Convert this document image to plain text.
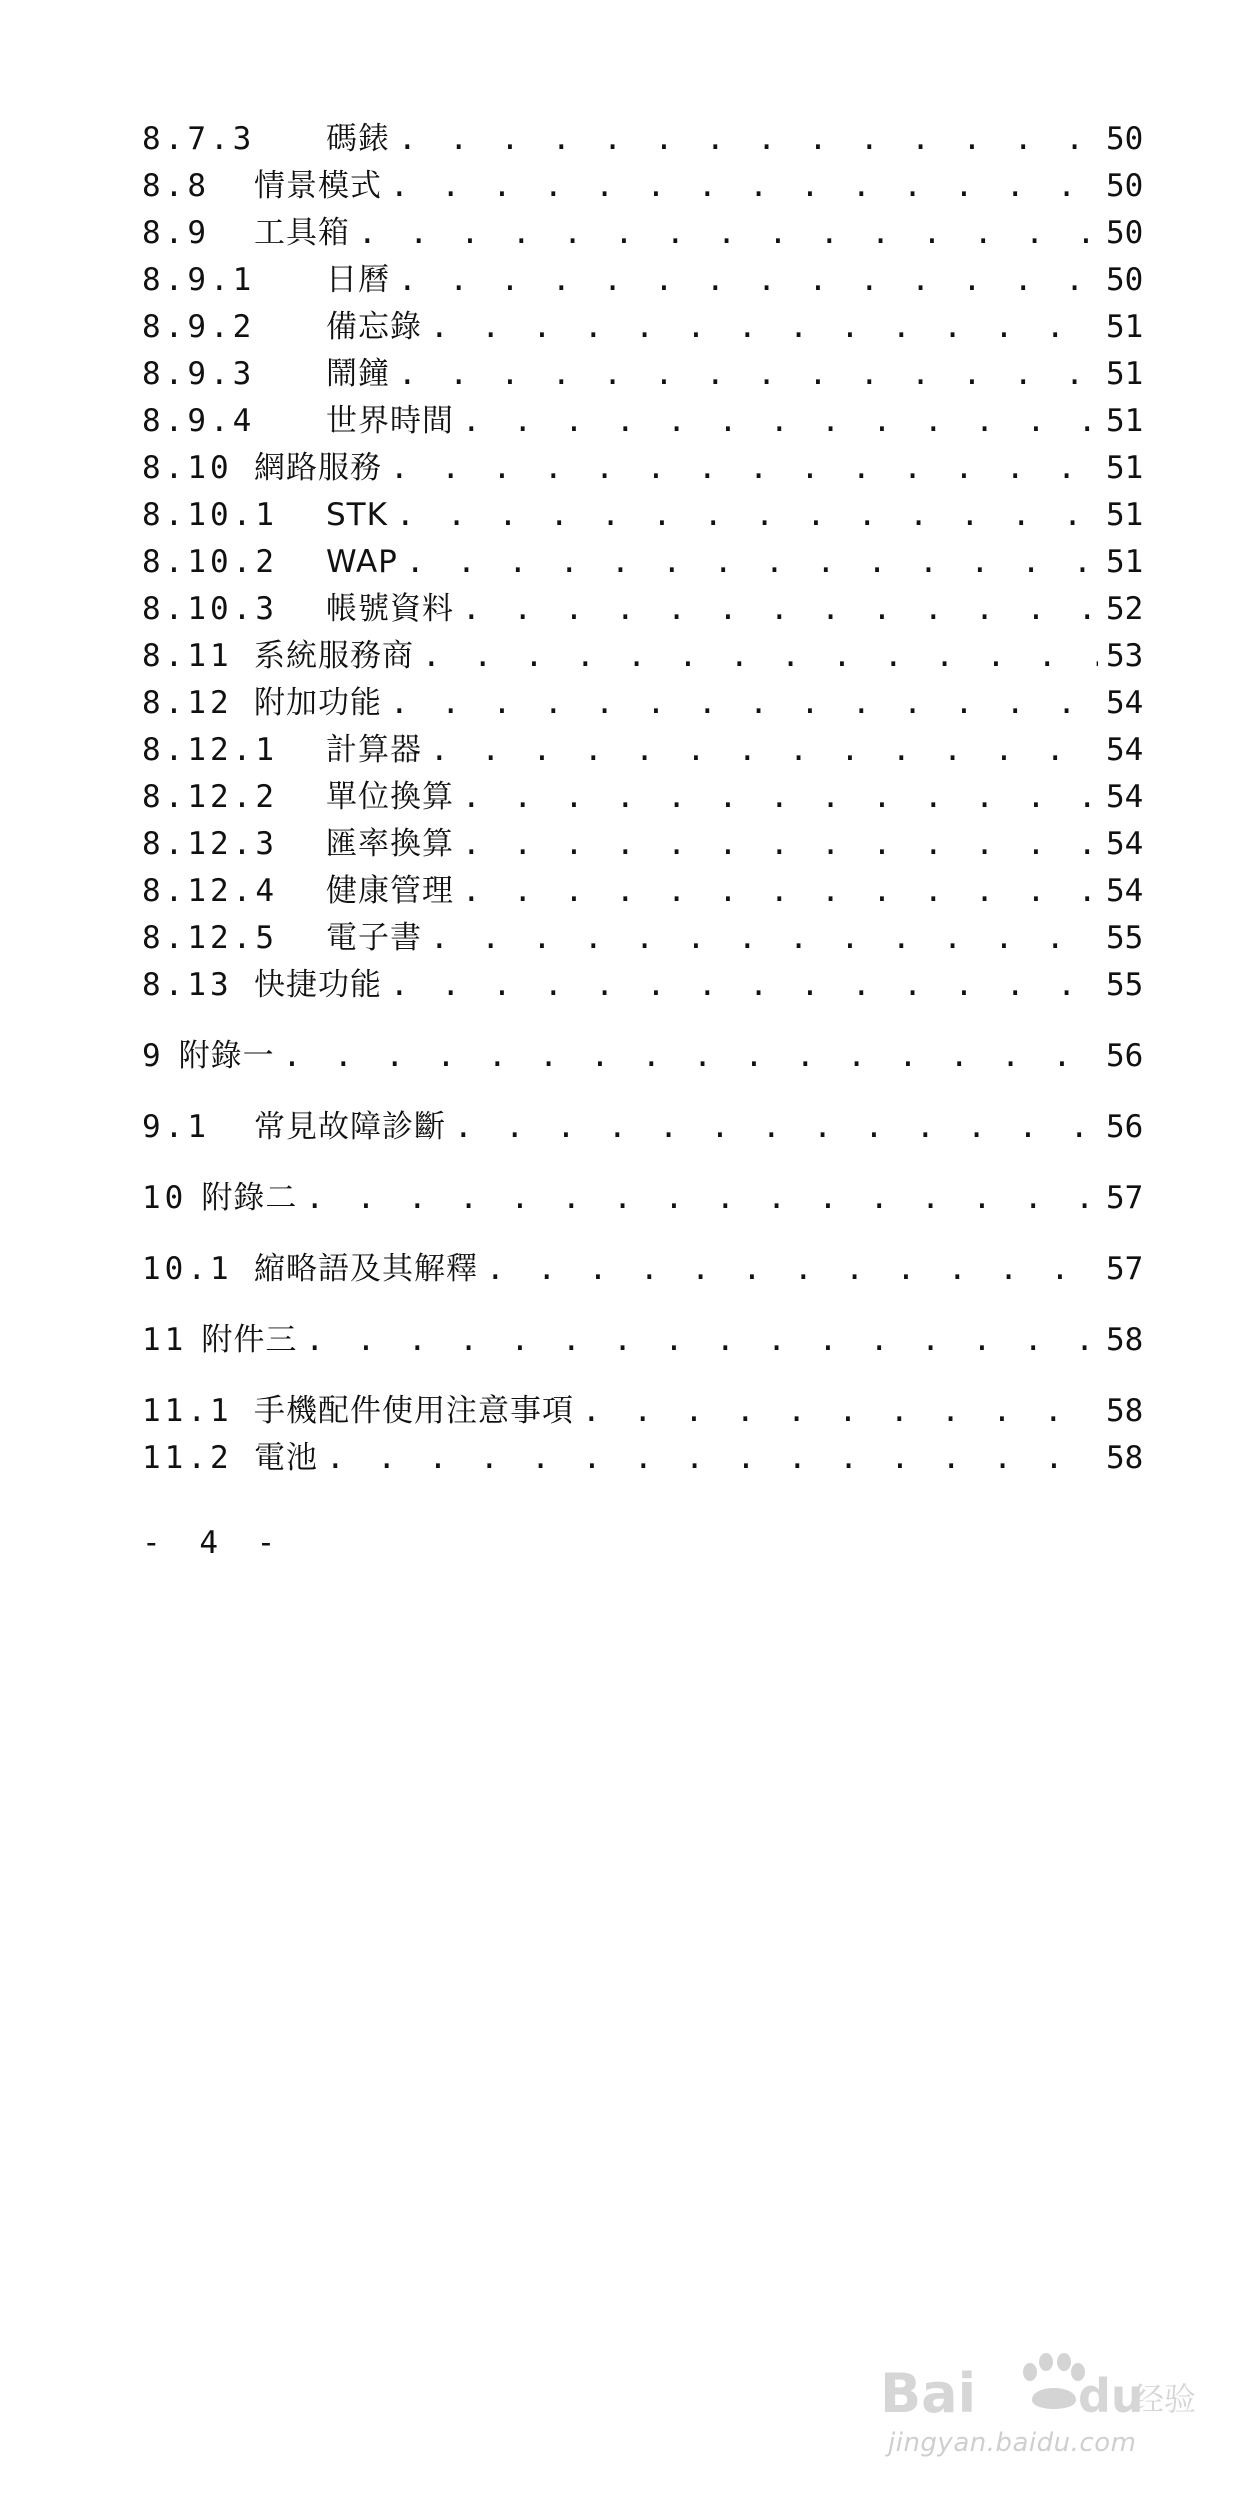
8.7.3	碼錶 . . .	50
8.8	情景模式 . . .	50
8.9	工具箱 . . .	50
8.9.1	日曆 . . .	50
8.9.2	備忘錄 . . .	51
8.9.3	鬧鐘 . . .	51
8.9.4	世界時間 . . .	51
8.10 網路服務 . . .	51
8.10.1	STK . . .	51
8.10.2	WAP . . .	51
8.10.3	帳號資料 . . .	52
8.11 系統服務商 . . .	53
8.12 附加功能 . . .	54
8.12.1	計算器 . . .	54
8.12.2	單位換算 . . .	54
8.12.3	匯率換算 . . .	54
8.12.4	健康管理 . . .	54
8.12.5	電子書 . . .	55
8.13 快捷功能 . . .	55
9 附錄一 . . .	56
9.1	常見故障診斷 . . .	56
10 附錄二 . . .	57
10.1 縮略語及其解釋 . . .	57
11 附件三 . . .	58
11.1 手機配件使用注意事項 . . .	58
11.2 電池 . . .	58
- 4 -
Bai du
经验
jingyan.baidu.com
